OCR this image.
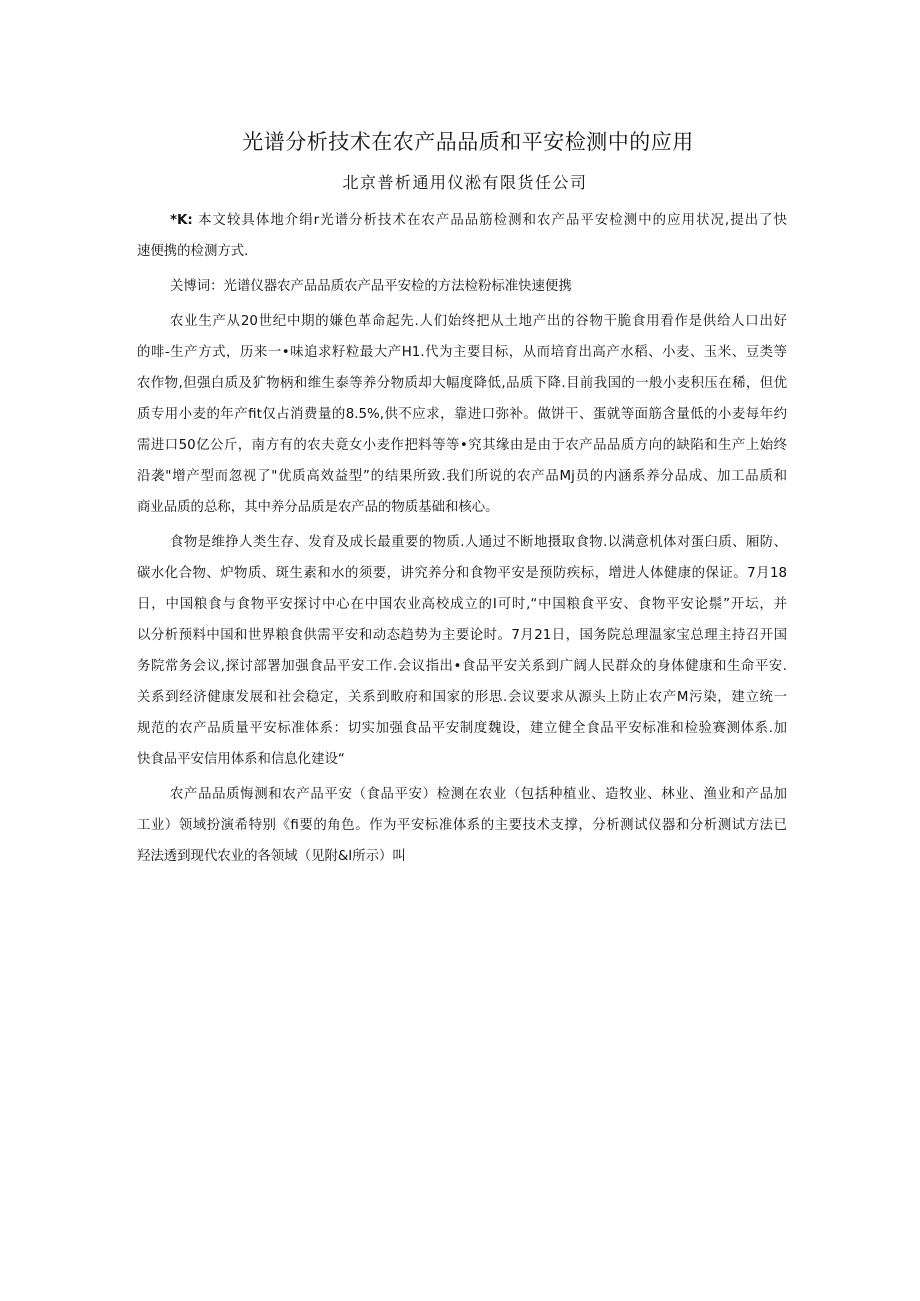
光谱分析技术在农产品品质和平安检测中的应用
北京普析通用仪淞有限货任公司
*K: 本文较具体地介绢r光谱分析技术在农产品品筋检测和农产品平安检测中的应用状况,提出了快
速便携的检测方式.
关博词：光谱仪器农产品品质农产品平安检的方法检粉标准快速便携
农业生产从20世纪中期的嫌色革命起先.人们始终把从土地产出的谷物干脆食用看作是供给人口出好
的啡-生产方式，历来一•味追求籽粒最大产H1.代为主要目标，从而培育出高产水稻、小麦、玉米、豆类等
农作物,但强白质及犷物柄和维生泰等养分物质却大幅度降低,品质下降.目前我国的一般小麦积压在稀，但优
质专用小麦的年产fit仅占消费量的8.5%,供不应求，靠进口弥补。做饼干、蛋就等面筋含量低的小麦每年约
需进口50亿公斤，南方有的农夫竟女小麦作把料等等•究其缘由是由于农产品品质方向的缺陷和生产上始终
沿袭"增产型而忽视了"优质高效益型”的结果所致.我们所说的农产品Mj员的内涵系养分品成、加工品质和
商业品质的总称，其中养分品质是农产品的物质基础和核心。
食物是维挣人类生存、发育及成长最重要的物质.人通过不断地摄取食物.以满意机体对蛋臼质、厢防、
碳水化合物、炉物质、斑生素和水的须要，讲究养分和食物平安是预防疾标，增进人体健康的保证。7月18
日，中国粮食与食物平安探讨中心在中国农业高校成立的I可时,“中国粮食平安、食物平安论鬃”开坛，并
以分析预料中国和世界粮食供需平安和动态趋势为主要论时。7月21日，国务院总理温家宝总理主持召开国
务院常务会议,探讨部署加强食品平安工作.会议指出•食品平安关系到广阔人民群众的身体健康和生命平安.
关系到经济健康发展和社会稳定，关系到畋府和国家的形思.会议要求从源头上防止农产M污染，建立统一
规范的农产品质量平安标准体系：切实加强食品平安制度魏设，建立健全食品平安标准和检验赛测体系.加
快食品平安信用体系和信息化建设“
农产品品质悔测和农产品平安（食品平安）检测在农业（包括种植业、造牧业、林业、渔业和产品加
工业）领域扮演希特别《fi要的角色。作为平安标准体系的主要技术支撑，分析测试仪器和分析测试方法已
羟法透到现代农业的各领域（见附&I所示）叫
